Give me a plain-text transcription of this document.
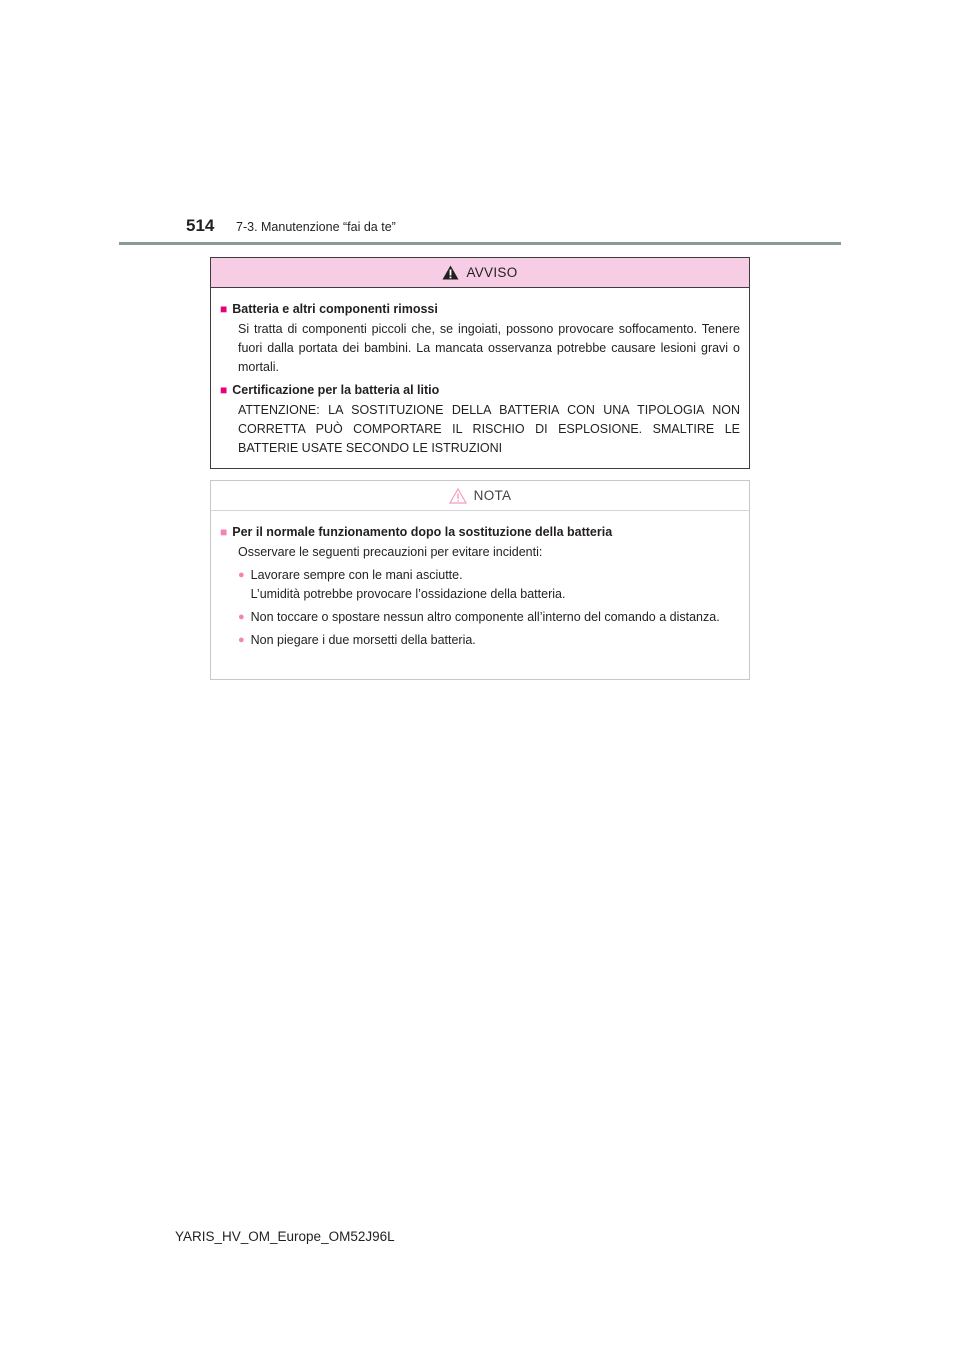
514 7-3. Manutenzione “fai da te”
AVVISO
■ Batteria e altri componenti rimossi
Si tratta di componenti piccoli che, se ingoiati, possono provocare soffocamento. Tenere fuori dalla portata dei bambini. La mancata osservanza potrebbe causare lesioni gravi o mortali.
■ Certificazione per la batteria al litio
ATTENZIONE: LA SOSTITUZIONE DELLA BATTERIA CON UNA TIPOLOGIA NON CORRETTA PUÒ COMPORTARE IL RISCHIO DI ESPLOSIONE. SMALTIRE LE BATTERIE USATE SECONDO LE ISTRUZIONI
NOTA
■ Per il normale funzionamento dopo la sostituzione della batteria
Osservare le seguenti precauzioni per evitare incidenti:
● Lavorare sempre con le mani asciutte.
L’umidità potrebbe provocare l’ossidazione della batteria.
● Non toccare o spostare nessun altro componente all’interno del comando a distanza.
● Non piegare i due morsetti della batteria.
YARIS_HV_OM_Europe_OM52J96L
